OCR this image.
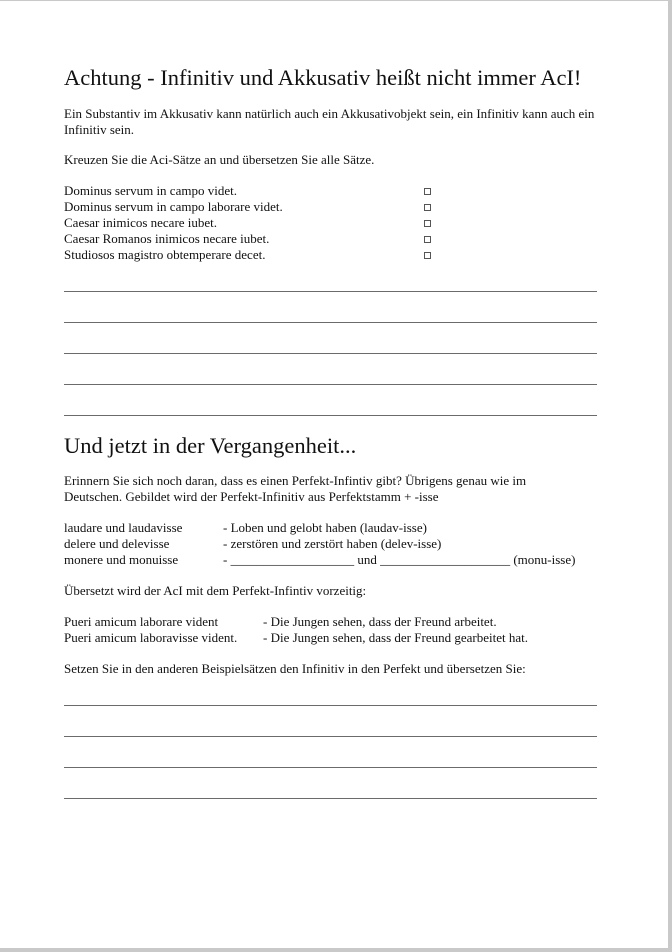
Achtung - Infinitiv und Akkusativ heißt nicht immer AcI!
Ein Substantiv im Akkusativ kann natürlich auch ein Akkusativobjekt sein, ein Infinitiv kann auch ein Infinitiv sein.
Kreuzen Sie die Aci-Sätze an und übersetzen Sie alle Sätze.
Dominus servum in campo videt.
Dominus servum in campo laborare videt.
Caesar inimicos necare iubet.
Caesar Romanos inimicos necare iubet.
Studiosos magistro obtemperare decet.
Und jetzt in der Vergangenheit...
Erinnern Sie sich noch daran, dass es einen Perfekt-Infintiv gibt? Übrigens genau wie im Deutschen. Gebildet wird der Perfekt-Infinitiv aus Perfektstamm + -isse
laudare und laudavisse	- Loben und gelobt haben (laudav-isse)
delere und delevisse	- zerstören und zerstört haben (delev-isse)
monere und monuisse	- ___________________ und ____________________ (monu-isse)
Übersetzt wird der AcI mit dem Perfekt-Infintiv vorzeitig:
Pueri amicum laborare vident	- Die Jungen sehen, dass der Freund arbeitet.
Pueri amicum laboravisse vident. - Die Jungen sehen, dass der Freund gearbeitet hat.
Setzen Sie in den anderen Beispielsätzen den Infinitiv in den Perfekt und übersetzen Sie:
